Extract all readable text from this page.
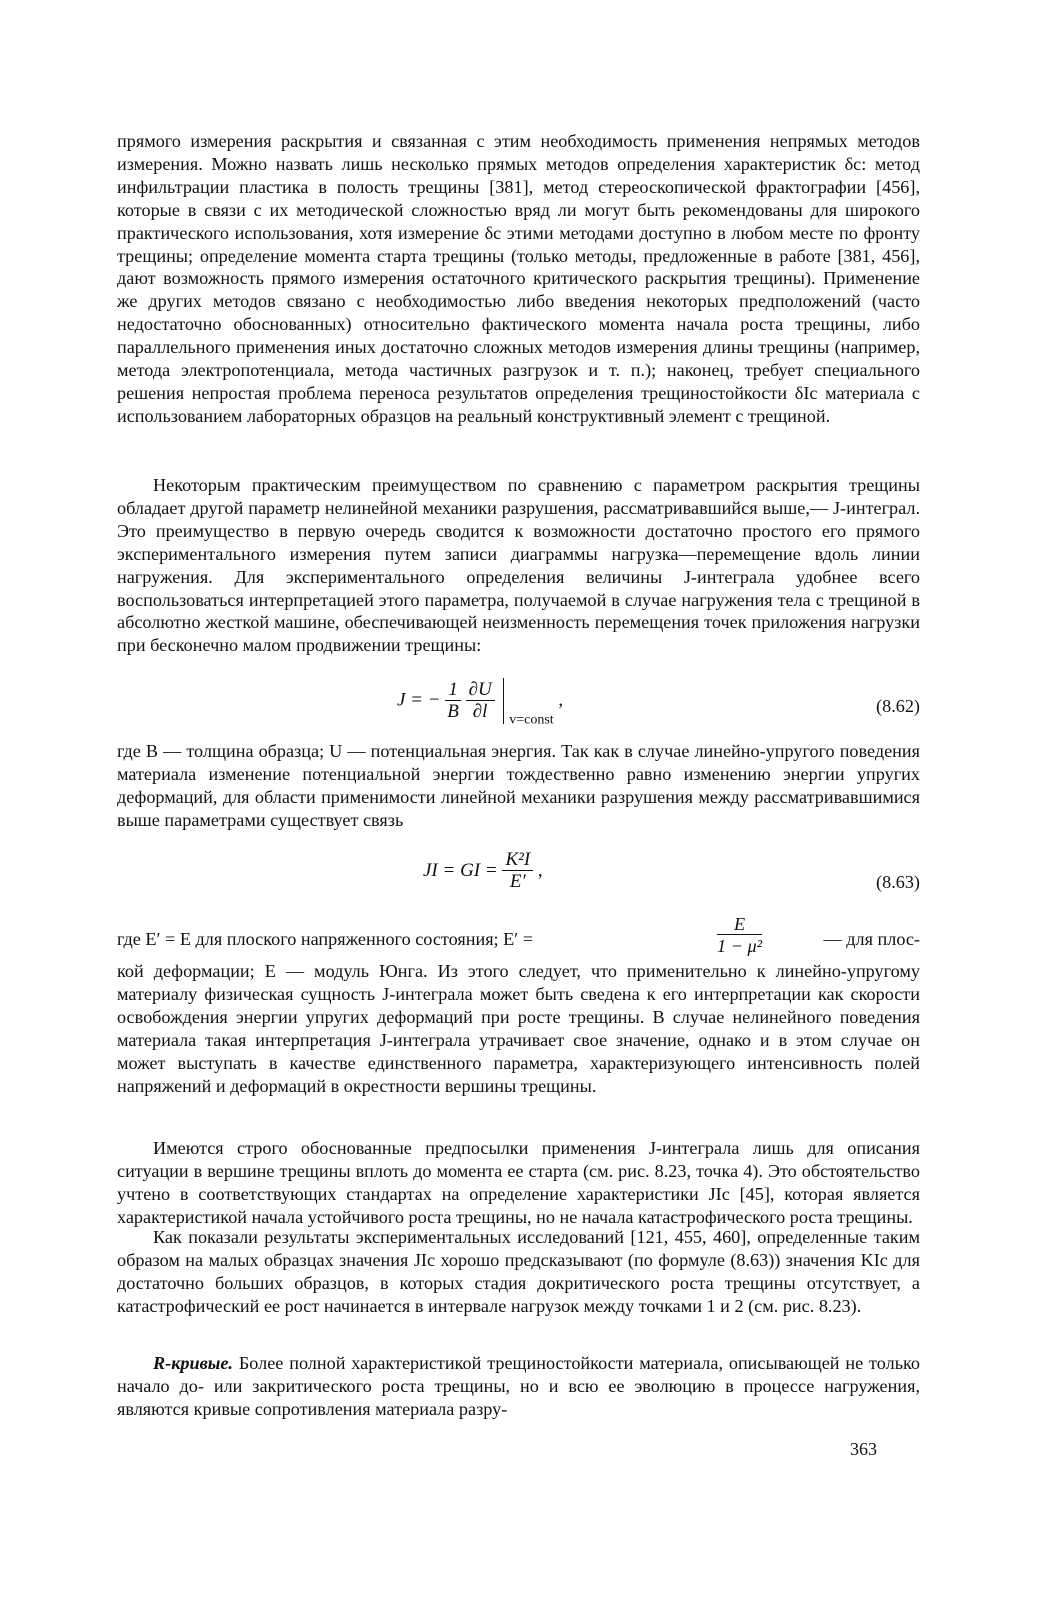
прямого измерения раскрытия и связанная с этим необходимость применения непрямых методов измерения. Можно назвать лишь несколько прямых методов определения характеристик δc: метод инфильтрации пластика в полость трещины [381], метод стереоскопической фрактографии [456], которые в связи с их методической сложностью вряд ли могут быть рекомендованы для широкого практического использования, хотя измерение δc этими методами доступно в любом месте по фронту трещины; определение момента старта трещины (только методы, предложенные в работе [381, 456], дают возможность прямого измерения остаточного критического раскрытия трещины). Применение же других методов связано с необходимостью либо введения некоторых предположений (часто недостаточно обоснованных) относительно фактического момента начала роста трещины, либо параллельного применения иных достаточно сложных методов измерения длины трещины (например, метода электропотенциала, метода частичных разгрузок и т. п.); наконец, требует специального решения непростая проблема переноса результатов определения трещиностойкости δIc материала с использованием лабораторных образцов на реальный конструктивный элемент с трещиной.

Некоторым практическим преимуществом по сравнению с параметром раскрытия трещины обладает другой параметр нелинейной механики разрушения, рассматривавшийся выше,— J-интеграл. Это преимущество в первую очередь сводится к возможности достаточно простого его прямого экспериментального измерения путем записи диаграммы нагрузка—перемещение вдоль линии нагружения. Для экспериментального определения величины J-интеграла удобнее всего воспользоваться интерпретацией этого параметра, получаемой в случае нагружения тела с трещиной в абсолютно жесткой машине, обеспечивающей неизменность перемещения точек приложения нагрузки при бесконечно малом продвижении трещины:

J = − $\frac{1}{B}$
$\frac{\partial U}{\partial l} _{v=const}$ ,	(8.62)

где B — толщина образца; U — потенциальная энергия. Так как в случае линейно-упругого поведения материала изменение потенциальной энергии тождественно равно изменению энергии упругих деформаций, для области применимости линейной механики разрушения между рассматривавшимися выше параметрами существует связь

JI = GI = $\frac{\text{K²I}}{E'}$ ,
(8.63)
где E′ = E для плоского напряженного состояния; E′ =	$\frac{E}{\text{1 − μ²}}$	— для плос-

кой деформации; E — модуль Юнга. Из этого следует, что применительно к линейно-упругому материалу физическая сущность J-интеграла может быть сведена к его интерпретации как скорости освобождения энергии упругих деформаций при росте трещины. В случае нелинейного поведения материала такая интерпретация J-интеграла утрачивает свое значение, однако и в этом случае он может выступать в качестве единственного параметра, характеризующего интенсивность полей напряжений и деформаций в окрестности вершины трещины.

Имеются строго обоснованные предпосылки применения J-интеграла лишь для описания ситуации в вершине трещины вплоть до момента ее старта (см. рис. 8.23, точка 4). Это обстоятельство учтено в соответствующих стандартах на определение характеристики JIc [45], которая является характеристикой начала устойчивого роста трещины, но не начала катастрофического роста трещины.

Как показали результаты экспериментальных исследований [121, 455, 460], определенные таким образом на малых образцах значения JIc хорошо предсказывают (по формуле (8.63)) значения KIc для достаточно больших образцов, в которых стадия докритического роста трещины отсутствует, а катастрофический ее рост начинается в интервале нагрузок между точками 1 и 2 (см. рис. 8.23).

R-кривые. Более полной характеристикой трещиностойкости материала, описывающей не только начало до- или закритического роста трещины, но и всю ее эволюцию в процессе нагружения, являются кривые сопротивления материала разру-

363
